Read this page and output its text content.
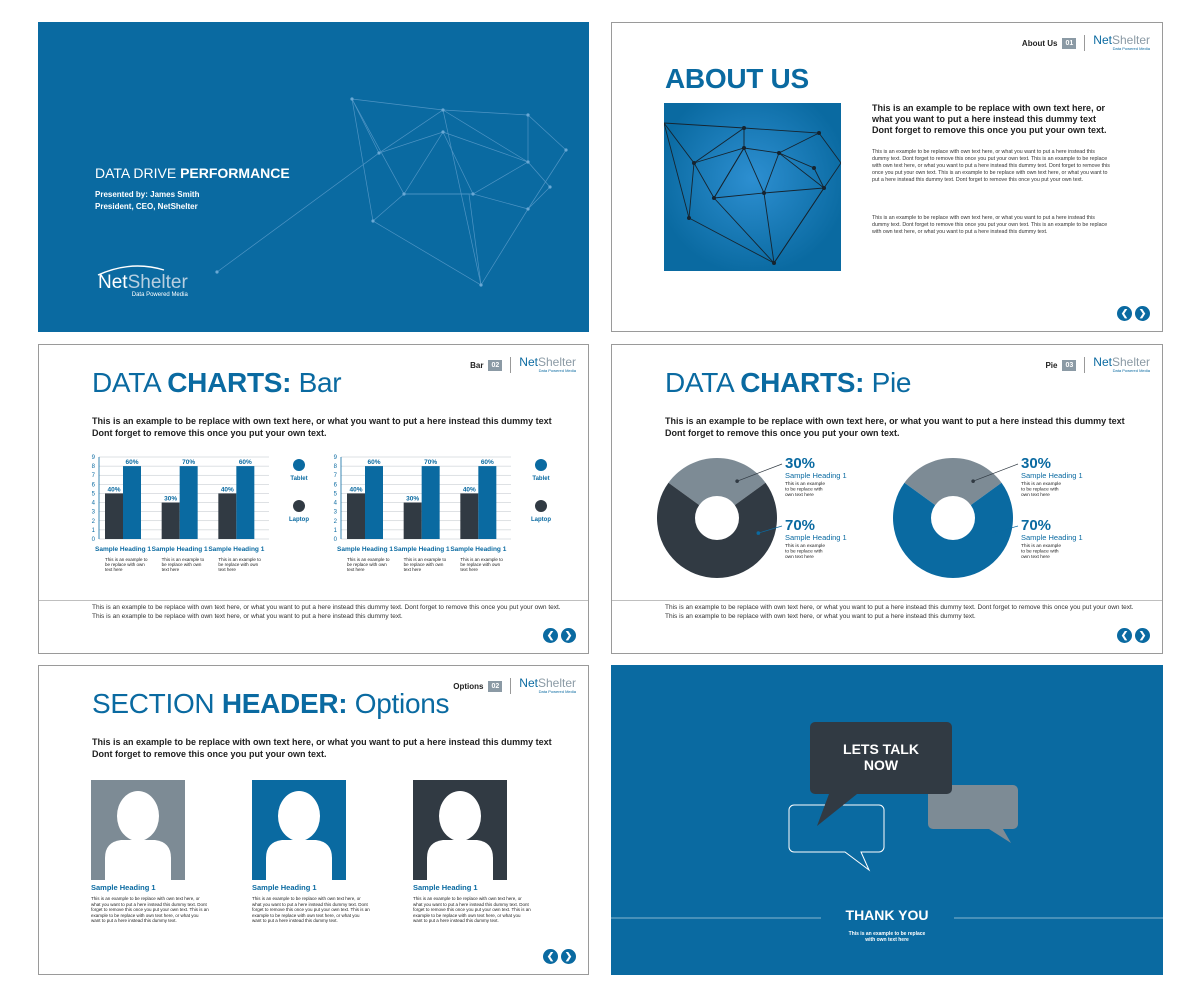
DATA DRIVE PERFORMANCE
Presented by: James Smith
President, CEO, NetShelter
NetShelter
Data Powered Media
About Us	01 NetShelter
Data Powered Media
ABOUT US
This is an example to be replace with own text here, or what you want to put a here instead this dummy text Dont forget to remove this once you put your own text.
This is an example to be replace with own text here, or what you want to put a here instead this dummy text. Dont forget to remove this once you put your own text. This is an example to be replace with own text here, or what you want to put a here instead this dummy text. Dont forget to remove this once you put your own text. This is an example to be replace with own text here, or what you want to put a here instead this dummy text. Dont forget to remove this once you put your own text.
This is an example to be replace with own text here, or what you want to put a here instead this dummy text. Dont forget to remove this once you put your own text. This is an example to be replace with own text here, or what you want to put a here instead this dummy text.
❮	❯
Bar	02 NetShelter
Data Powered Media
DATA CHARTS: Bar
This is an example to be replace with own text here, or what you want to put a here instead this dummy text Dont forget to remove this once you put your own text.
0
1
2
3
4
5
6
7
8
9
40%
60%
Sample Heading 1
This is an example to be replace with own text here
30%
70%
Sample Heading 1
This is an example to be replace with own text here
40%
60%
Sample Heading 1
This is an example to be replace with own text here
Tablet
Laptop
0
1
2
3
4
5
6
7
8
9
40%
60%
Sample Heading 1
This is an example to be replace with own text here
30%
70%
Sample Heading 1
This is an example to be replace with own text here
40%
60%
Sample Heading 1
This is an example to be replace with own text here
Tablet
Laptop
This is an example to be replace with own text here, or what you want to put a here instead this dummy text. Dont forget to remove this once you put your own text. This is an example to be replace with own text here, or what you want to put a here instead this dummy text.
❮	❯
Pie	03 NetShelter
Data Powered Media
DATA CHARTS: Pie
This is an example to be replace with own text here, or what you want to put a here instead this dummy text Dont forget to remove this once you put your own text.
30%
Sample Heading 1
This is an example to be replace with own text here
70%
Sample Heading 1
This is an example to be replace with own text here
30%
Sample Heading 1
This is an example to be replace with own text here
70%
Sample Heading 1
This is an example to be replace with own text here
This is an example to be replace with own text here, or what you want to put a here instead this dummy text. Dont forget to remove this once you put your own text. This is an example to be replace with own text here, or what you want to put a here instead this dummy text.
❮	❯
Options	02 NetShelter
Data Powered Media
SECTION HEADER: Options
This is an example to be replace with own text here, or what you want to put a here instead this dummy text Dont forget to remove this once you put your own text.
Sample Heading 1
This is an example to be replace with own text here, or what you want to put a here instead this dummy text. Dont forget to remove this once you put your own text. This is an example to be replace with own text here, or what you want to put a here instead this dummy text.
Sample Heading 1
This is an example to be replace with own text here, or what you want to put a here instead this dummy text. Dont forget to remove this once you put your own text. This is an example to be replace with own text here, or what you want to put a here instead this dummy text.
Sample Heading 1
This is an example to be replace with own text here, or what you want to put a here instead this dummy text. Dont forget to remove this once you put your own text. This is an example to be replace with own text here, or what you want to put a here instead this dummy text.
❮	❯
LETS TALK
NOW
THANK YOU
This is an example to be replace
with own text here
